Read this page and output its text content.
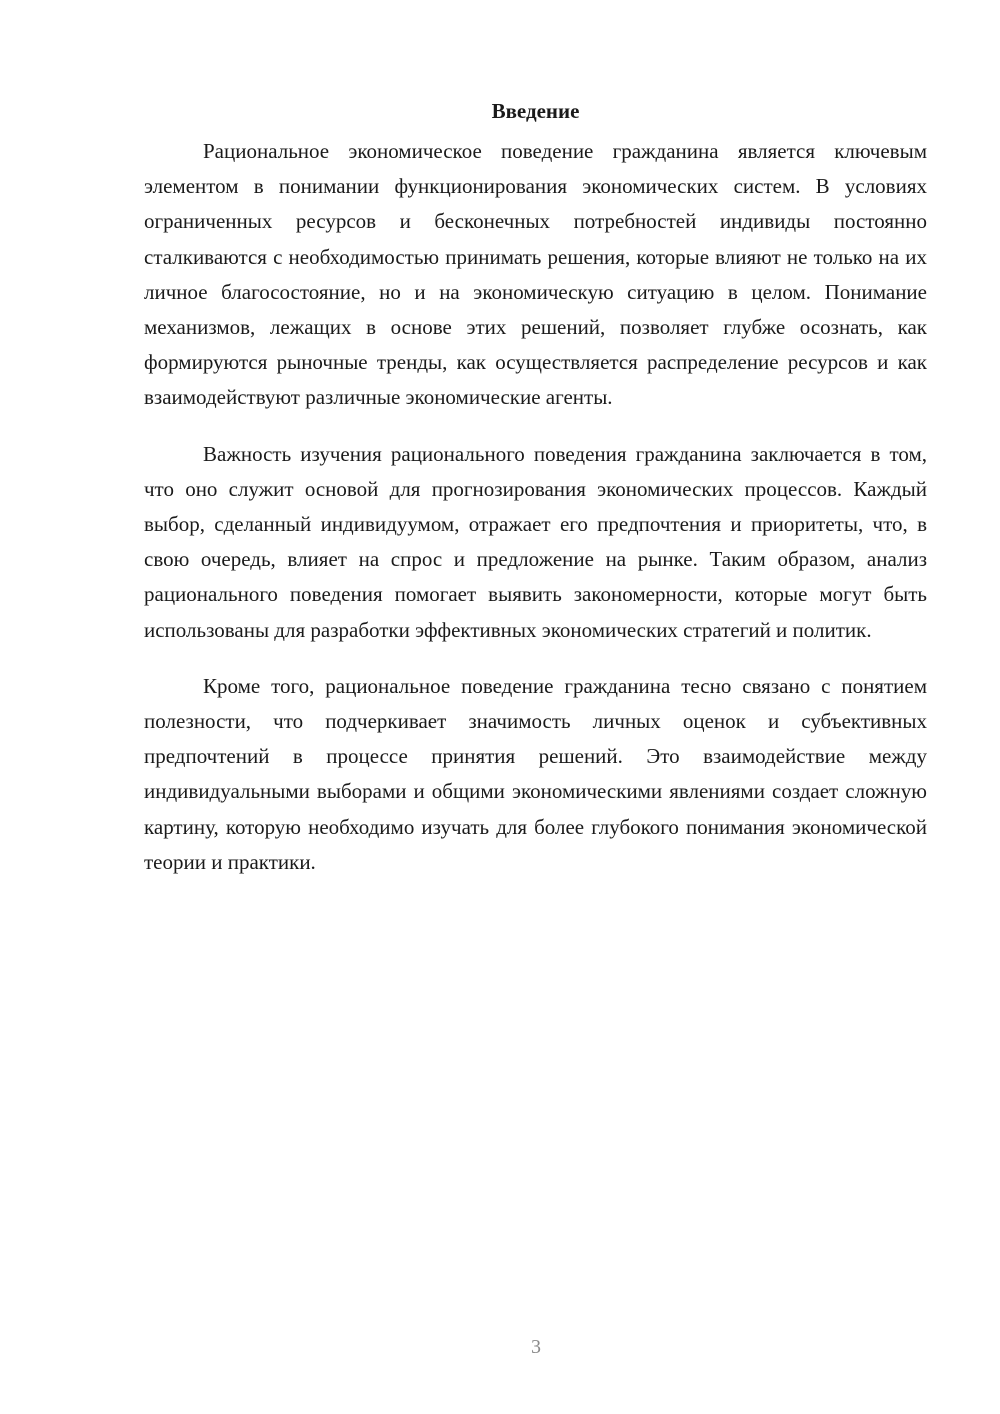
Введение

Рациональное экономическое поведение гражданина является ключевым элементом в понимании функционирования экономических систем. В условиях ограниченных ресурсов и бесконечных потребностей индивиды постоянно сталкиваются с необходимостью принимать решения, которые влияют не только на их личное благосостояние, но и на экономическую ситуацию в целом. Понимание механизмов, лежащих в основе этих решений, позволяет глубже осознать, как формируются рыночные тренды, как осуществляется распределение ресурсов и как взаимодействуют различные экономические агенты.

Важность изучения рационального поведения гражданина заключается в том, что оно служит основой для прогнозирования экономических процессов. Каждый выбор, сделанный индивидуумом, отражает его предпочтения и приоритеты, что, в свою очередь, влияет на спрос и предложение на рынке. Таким образом, анализ рационального поведения помогает выявить закономерности, которые могут быть использованы для разработки эффективных экономических стратегий и политик.

Кроме того, рациональное поведение гражданина тесно связано с понятием полезности, что подчеркивает значимость личных оценок и субъективных предпочтений в процессе принятия решений. Это взаимодействие между индивидуальными выборами и общими экономическими явлениями создает сложную картину, которую необходимо изучать для более глубокого понимания экономической теории и практики.

3
